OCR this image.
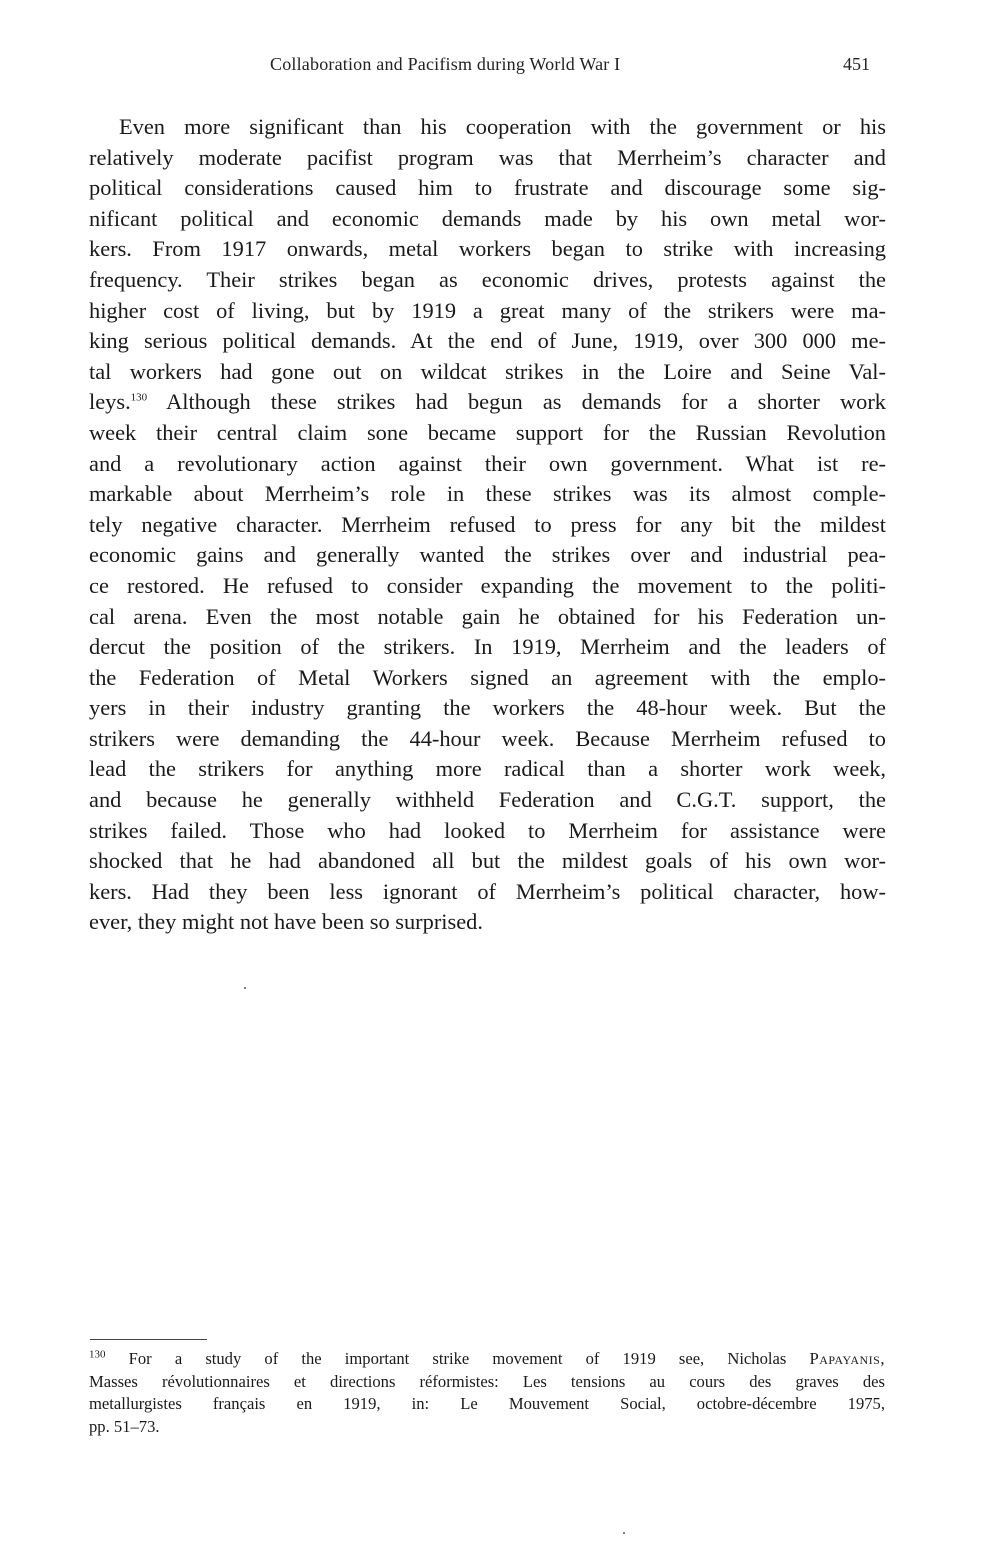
Collaboration and Pacifism during World War I	451
Even more significant than his cooperation with the government or his
relatively moderate pacifist program was that Merrheim’s character and
political considerations caused him to frustrate and discourage some sig-
nificant political and economic demands made by his own metal wor-
kers. From 1917 onwards, metal workers began to strike with increasing
frequency. Their strikes began as economic drives, protests against the
higher cost of living, but by 1919 a great many of the strikers were ma-
king serious political demands. At the end of June, 1919, over 300 000 me-
tal workers had gone out on wildcat strikes in the Loire and Seine Val-
leys.$^{130}$ Although these strikes had begun as demands for a shorter work
week their central claim sone became support for the Russian Revolution
and a revolutionary action against their own government. What ist re-
markable about Merrheim’s role in these strikes was its almost comple-
tely negative character. Merrheim refused to press for any bit the mildest
economic gains and generally wanted the strikes over and industrial pea-
ce restored. He refused to consider expanding the movement to the politi-
cal arena. Even the most notable gain he obtained for his Federation un-
dercut the position of the strikers. In 1919, Merrheim and the leaders of
the Federation of Metal Workers signed an agreement with the emplo-
yers in their industry granting the workers the 48-hour week. But the
strikers were demanding the 44-hour week. Because Merrheim refused to
lead the strikers for anything more radical than a shorter work week,
and because he generally withheld Federation and C.G.T. support, the
strikes failed. Those who had looked to Merrheim for assistance were
shocked that he had abandoned all but the mildest goals of his own wor-
kers. Had they been less ignorant of Merrheim’s political character, how-
ever, they might not have been so surprised.
$^{130}$ For a study of the important strike movement of 1919 see, Nicholas Papayanis,
Masses révolutionnaires et directions réformistes: Les tensions au cours des graves des
metallurgistes français en 1919, in: Le Mouvement Social, octobre-décembre 1975,
pp. 51–73.
